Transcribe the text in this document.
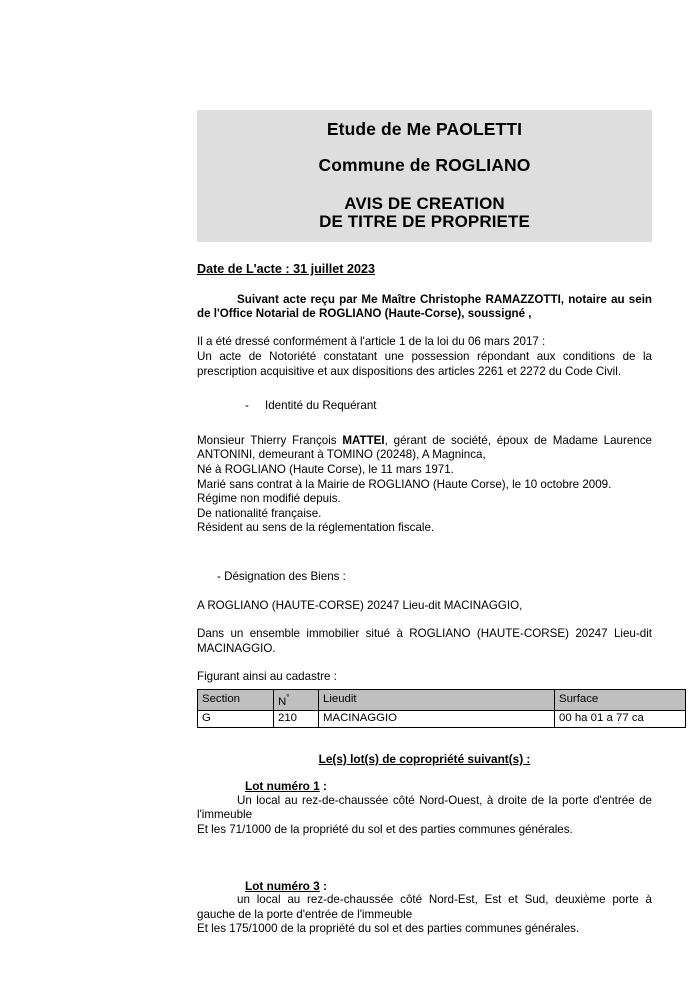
Etude de Me PAOLETTI
Commune de ROGLIANO
AVIS DE CREATION
DE TITRE DE PROPRIETE
Date de L'acte : 31 juillet 2023

Suivant acte reçu par Me Maître Christophe RAMAZZOTTI, notaire au sein de l'Office Notarial de ROGLIANO (Haute-Corse), soussigné ,

Il a été dressé conformément à l'article 1 de la loi du 06 mars 2017 :

Un acte de Notoriété constatant une possession répondant aux conditions de la prescription acquisitive et aux dispositions des articles 2261 et 2272 du Code Civil.

- Identité du Requérant

Monsieur Thierry François MATTEI, gérant de société, époux de Madame Laurence ANTONINI, demeurant à TOMINO (20248), A Magninca,

Né à ROGLIANO (Haute Corse), le 11 mars 1971.

Marié sans contrat à la Mairie de ROGLIANO (Haute Corse), le 10 octobre 2009.

Régime non modifié depuis.

De nationalité française.

Résident au sens de la réglementation fiscale.

- Désignation des Biens :

A ROGLIANO (HAUTE-CORSE) 20247 Lieu-dit MACINAGGIO,

Dans un ensemble immobilier situé à ROGLIANO (HAUTE-CORSE) 20247 Lieu-dit MACINAGGIO.

Figurant ainsi au cadastre :

Section	N°	Lieudit	Surface
G	210	MACINAGGIO	00 ha 01 a 77 ca

Le(s) lot(s) de copropriété suivant(s) :

Lot numéro 1 :

Un local au rez-de-chaussée côté Nord-Ouest, à droite de la porte d'entrée de l'immeuble

Et les 71/1000 de la propriété du sol et des parties communes générales.

Lot numéro 3 :

un local au rez-de-chaussée côté Nord-Est, Est et Sud, deuxième porte à gauche de la porte d'entrée de l'immeuble

Et les 175/1000 de la propriété du sol et des parties communes générales.
